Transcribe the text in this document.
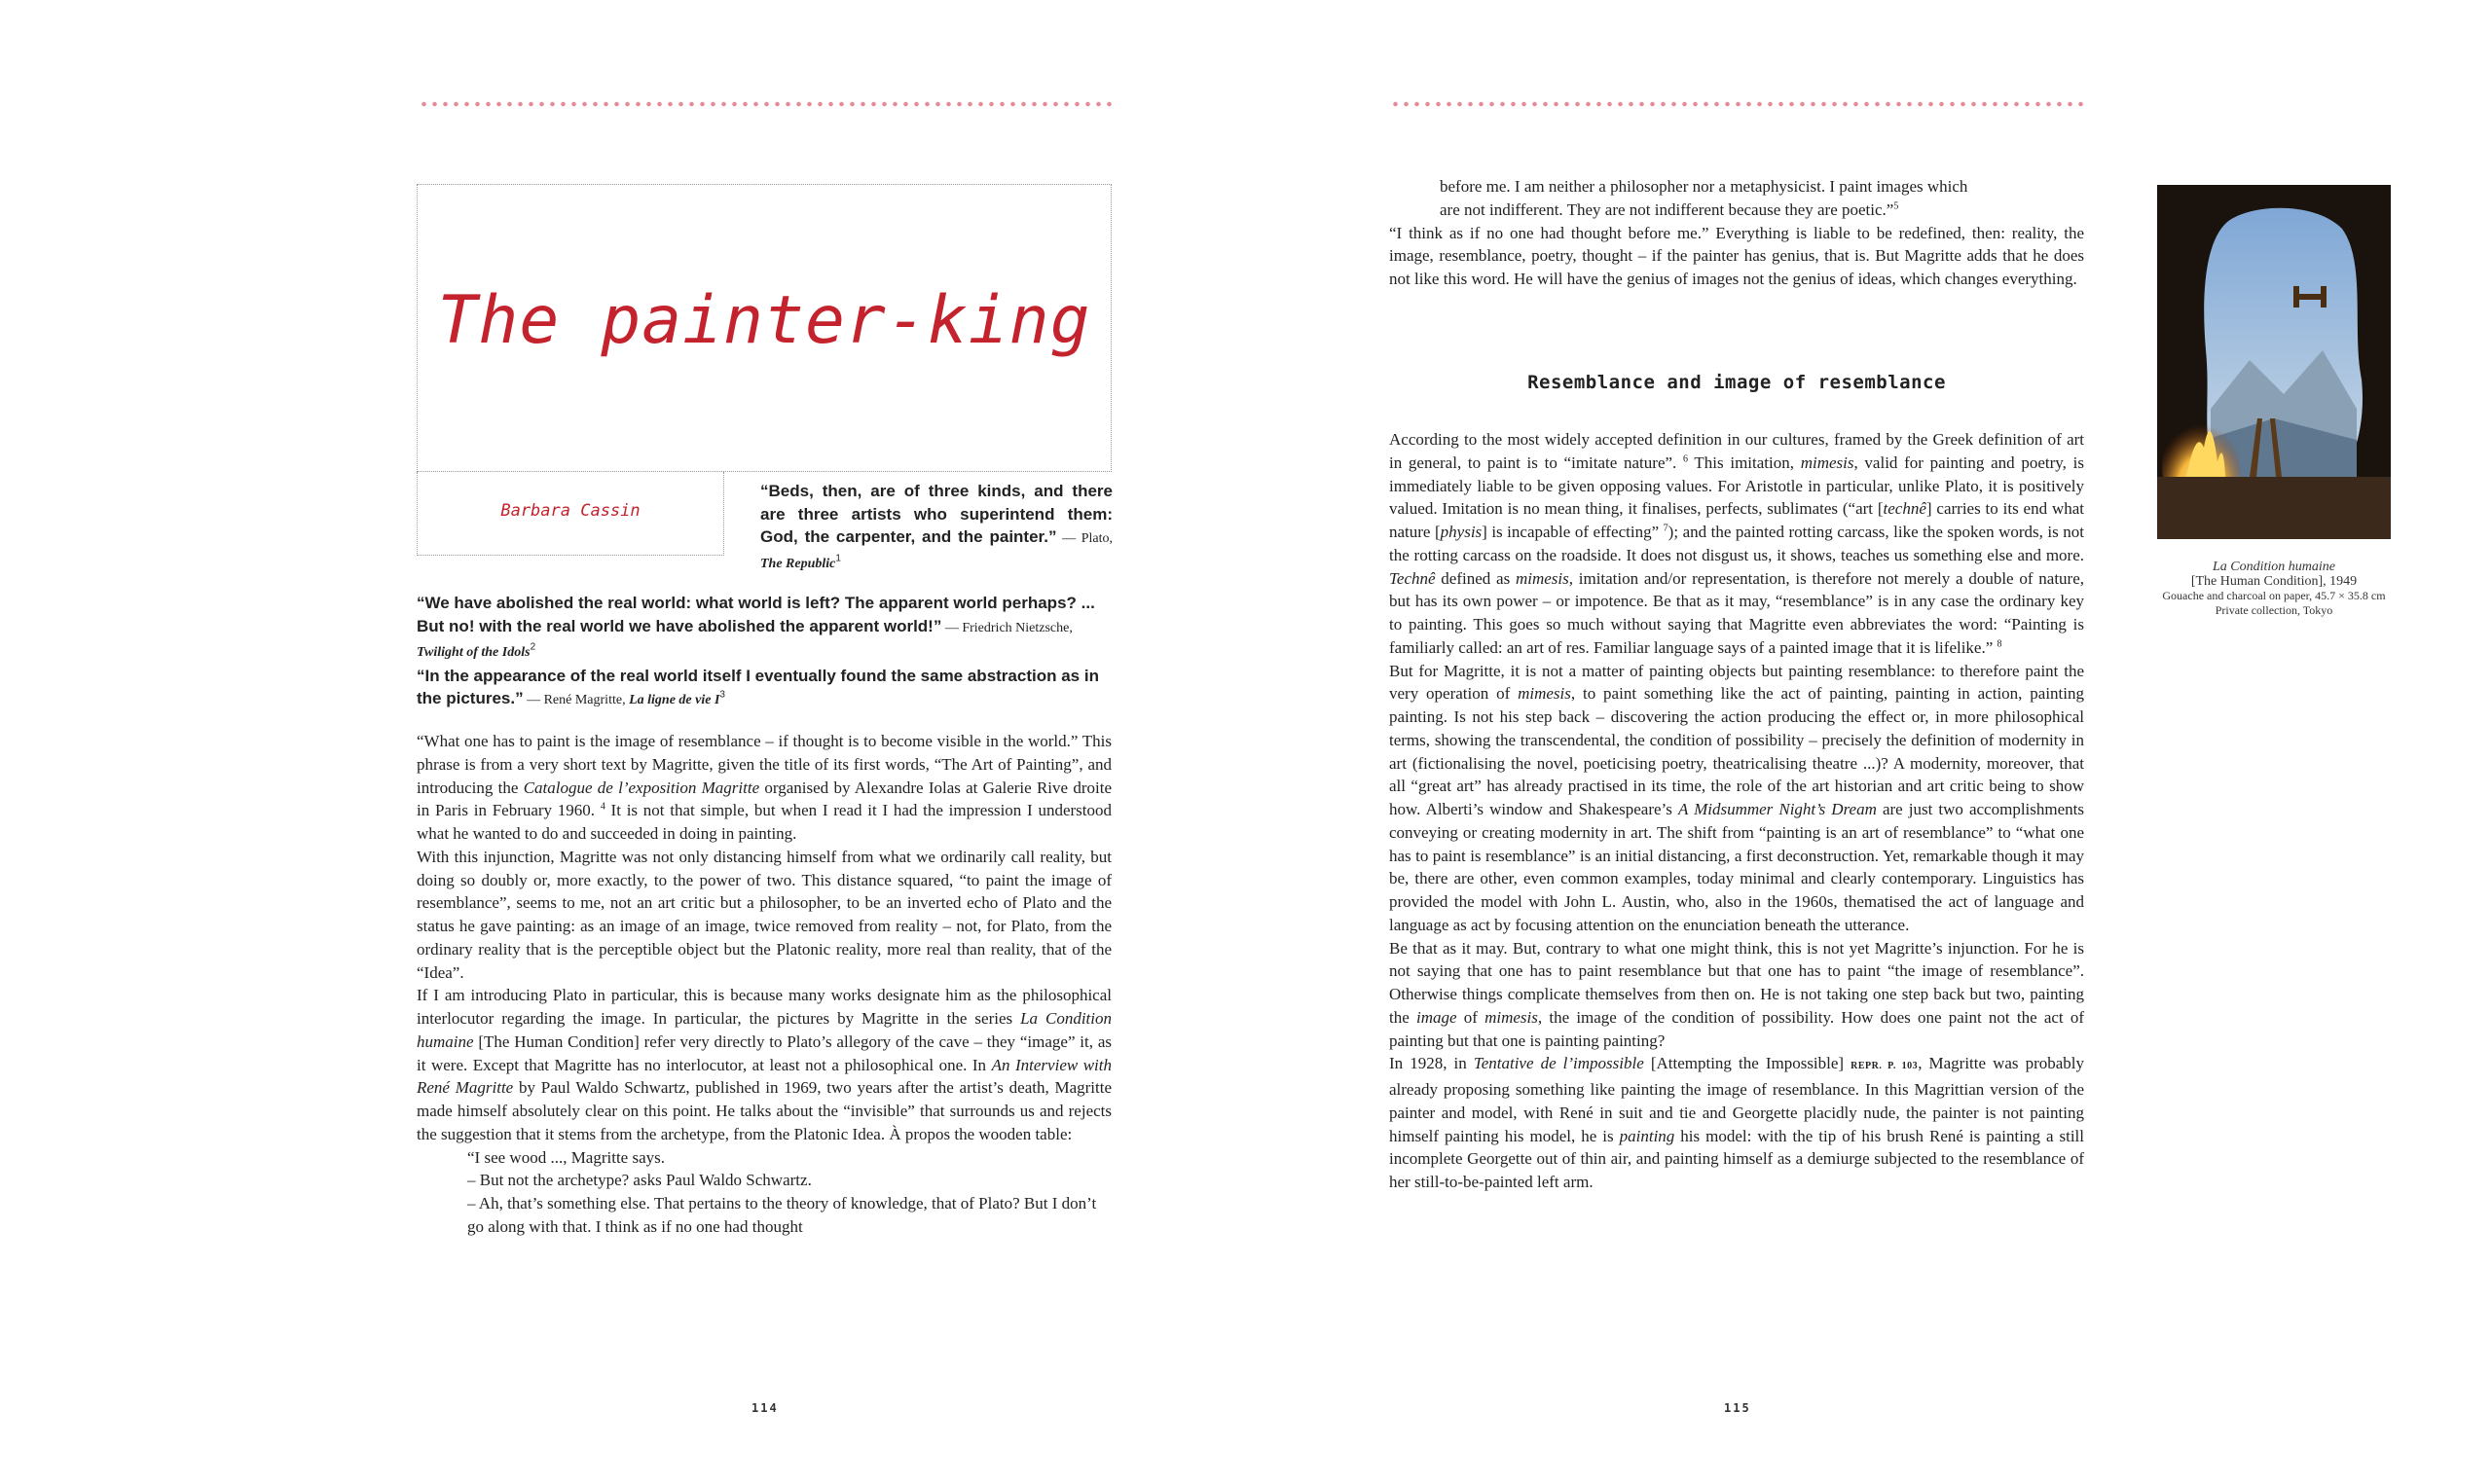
The painter-king
Barbara Cassin
“Beds, then, are of three kinds, and there are three artists who superintend them: God, the carpenter, and the painter.” — Plato, The Republic$^1$

“We have abolished the real world: what world is left? The apparent world perhaps? ... But no! with the real world we have abolished the apparent world!” — Friedrich Nietzsche, Twilight of the Idols$^2$

“In the appearance of the real world itself I eventually found the same abstraction as in the pictures.” — René Magritte, La ligne de vie $I^3$

“What one has to paint is the image of resemblance – if thought is to become visible in the world.” This phrase is from a very short text by Magritte, given the title of its first words, “The Art of Painting”, and introducing the Catalogue de l’exposition Magritte organised by Alexandre Iolas at Galerie Rive droite in Paris in February 1960. $^4$ It is not that simple, but when I read it I had the impression I understood what he wanted to do and succeeded in doing in painting.

With this injunction, Magritte was not only distancing himself from what we ordinarily call reality, but doing so doubly or, more exactly, to the power of two. This distance squared, “to paint the image of resemblance”, seems to me, not an art critic but a philosopher, to be an inverted echo of Plato and the status he gave painting: as an image of an image, twice removed from reality – not, for Plato, from the ordinary reality that is the perceptible object but the Platonic reality, more real than reality, that of the “Idea”.

If I am introducing Plato in particular, this is because many works designate him as the philosophical interlocutor regarding the image. In particular, the pictures by Magritte in the series La Condition humaine [The Human Condition] refer very directly to Plato’s allegory of the cave – they “image” it, as it were. Except that Magritte has no interlocutor, at least not a philosophical one. In An Interview with René Magritte by Paul Waldo Schwartz, published in 1969, two years after the artist’s death, Magritte made himself absolutely clear on this point. He talks about the “invisible” that surrounds us and rejects the suggestion that it stems from the archetype, from the Platonic Idea. À propos the wooden table:

“I see wood ..., Magritte says.

– But not the archetype? asks Paul Waldo Schwartz.

– Ah, that’s something else. That pertains to the theory of knowledge, that of Plato? But I don’t go along with that. I think as if no one had thought

114

before me. I am neither a philosopher nor a metaphysicist. I paint images which are not indifferent. They are not indifferent because they are poetic.”$^5$

“I think as if no one had thought before me.” Everything is liable to be redefined, then: reality, the image, resemblance, poetry, thought – if the painter has genius, that is. But Magritte adds that he does not like this word. He will have the genius of images not the genius of ideas, which changes everything.

Resemblance and image of resemblance

According to the most widely accepted definition in our cultures, framed by the Greek definition of art in general, to paint is to “imitate nature”. $^6$ This imitation, mimesis, valid for painting and poetry, is immediately liable to be given opposing values. For Aristotle in particular, unlike Plato, it is positively valued. Imitation is no mean thing, it finalises, perfects, sublimates (“art [technê] carries to its end what nature [physis] is incapable of effecting” $^7$); and the painted rotting carcass, like the spoken words, is not the rotting carcass on the roadside. It does not disgust us, it shows, teaches us something else and more. Technê defined as mimesis, imitation and/or representation, is therefore not merely a double of nature, but has its own power – or impotence. Be that as it may, “resemblance” is in any case the ordinary key to painting. This goes so much without saying that Magritte even abbreviates the word: “Painting is familiarly called: an art of res. Familiar language says of a painted image that it is lifelike.” $^8$

But for Magritte, it is not a matter of painting objects but painting resemblance: to therefore paint the very operation of mimesis, to paint something like the act of painting, painting in action, painting painting. Is not his step back – discovering the action producing the effect or, in more philosophical terms, showing the transcendental, the condition of possibility – precisely the definition of modernity in art (fictionalising the novel, poeticising poetry, theatricalising theatre ...)? A modernity, moreover, that all “great art” has already practised in its time, the role of the art historian and art critic being to show how. Alberti’s window and Shakespeare’s A Midsummer Night’s Dream are just two accomplishments conveying or creating modernity in art. The shift from “painting is an art of resemblance” to “what one has to paint is resemblance” is an initial distancing, a first deconstruction. Yet, remarkable though it may be, there are other, even common examples, today minimal and clearly contemporary. Linguistics has provided the model with John L. Austin, who, also in the 1960s, thematised the act of language and language as act by focusing attention on the enunciation beneath the utterance.

Be that as it may. But, contrary to what one might think, this is not yet Magritte’s injunction. For he is not saying that one has to paint resemblance but that one has to paint “the image of resemblance”. Otherwise things complicate themselves from then on. He is not taking one step back but two, painting the image of mimesis, the image of the condition of possibility. How does one paint not the act of painting but that one is painting painting?

In 1928, in Tentative de l’impossible [Attempting the Impossible] REPR. P. 103, Magritte was probably already proposing something like painting the image of resemblance. In this Magrittian version of the painter and model, with René in suit and tie and Georgette placidly nude, the painter is not painting himself painting his model, he is painting his model: with the tip of his brush René is painting a still incomplete Georgette out of thin air, and painting himself as a demiurge subjected to the resemblance of her still-to-be-painted left arm.

115
La Condition humaine
[The Human Condition], 1949
Gouache and charcoal on paper, 45.7 × 35.8 cm
Private collection, Tokyo
